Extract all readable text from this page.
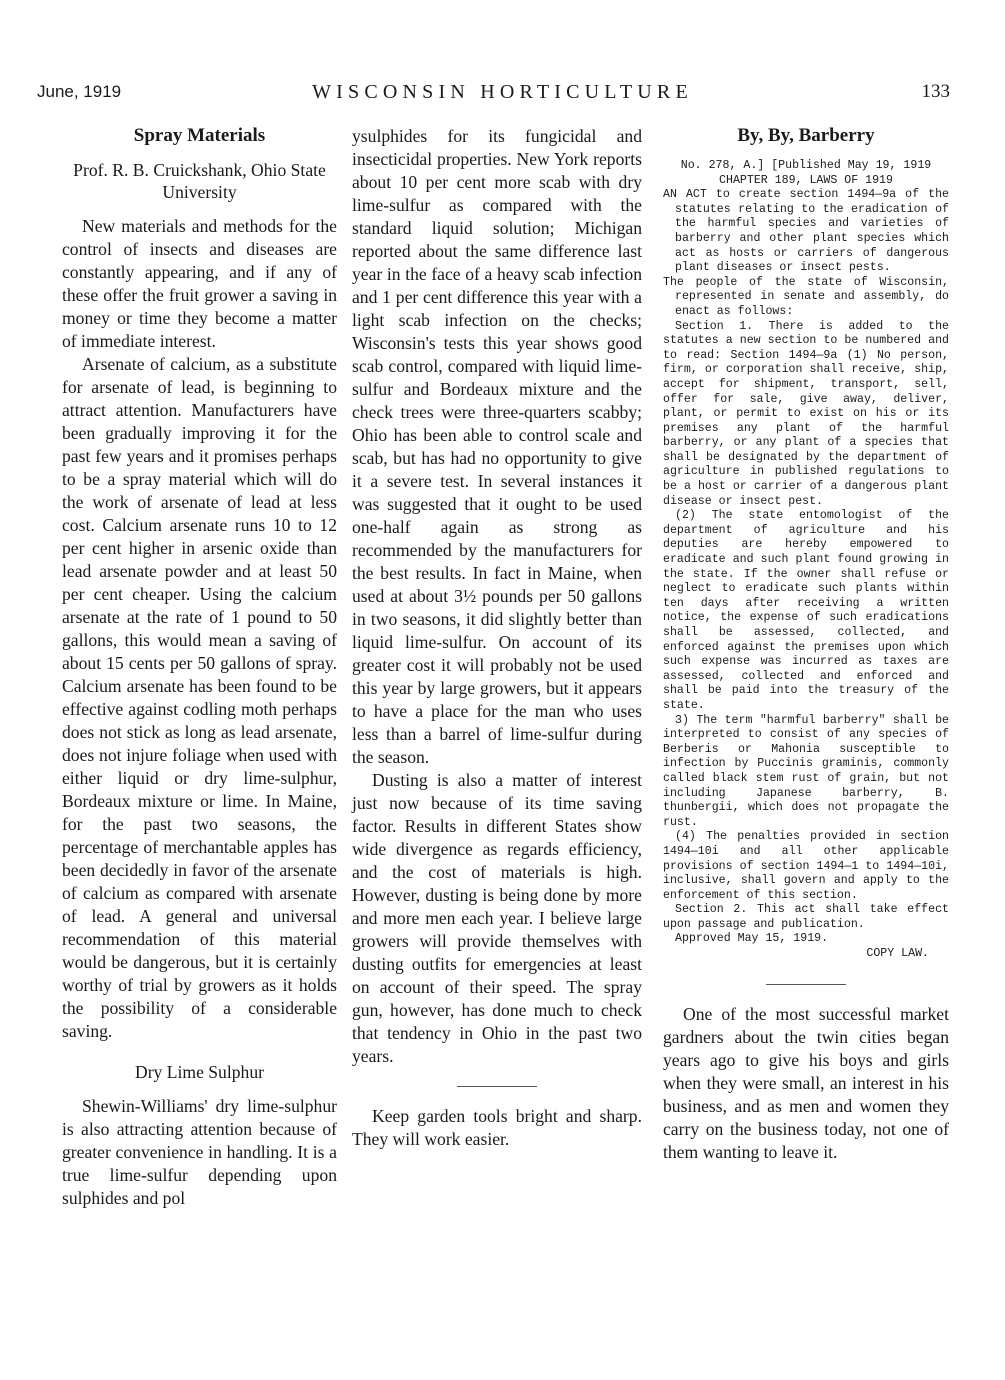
June, 1919	WISCONSIN HORTICULTURE	133
Spray Materials
Prof. R. B. Cruickshank, Ohio State University

New materials and methods for the control of insects and diseases are constantly appearing, and if any of these offer the fruit grower a saving in money or time they become a matter of immediate interest.

Arsenate of calcium, as a substitute for arsenate of lead, is beginning to attract attention. Manufacturers have been gradually improving it for the past few years and it promises perhaps to be a spray material which will do the work of arsenate of lead at less cost. Calcium arsenate runs 10 to 12 per cent higher in arsenic oxide than lead arsenate powder and at least 50 per cent cheaper. Using the calcium arsenate at the rate of 1 pound to 50 gallons, this would mean a saving of about 15 cents per 50 gallons of spray. Calcium arsenate has been found to be effective against codling moth perhaps does not stick as long as lead arsenate, does not injure foliage when used with either liquid or dry lime-sulphur, Bordeaux mixture or lime. In Maine, for the past two seasons, the percentage of merchantable apples has been decidedly in favor of the arsenate of calcium as compared with arsenate of lead. A general and universal recommendation of this material would be dangerous, but it is certainly worthy of trial by growers as it holds the possibility of a considerable saving.

Dry Lime Sulphur

Shewin-Williams' dry lime-sulphur is also attracting attention because of greater convenience in handling. It is a true lime-sulfur depending upon sulphides and pol

ysulphides for its fungicidal and insecticidal properties. New York reports about 10 per cent more scab with dry lime-sulfur as compared with the standard liquid solution; Michigan reported about the same difference last year in the face of a heavy scab infection and 1 per cent difference this year with a light scab infection on the checks; Wisconsin's tests this year shows good scab control, compared with liquid lime-sulfur and Bordeaux mixture and the check trees were three-quarters scabby; Ohio has been able to control scale and scab, but has had no opportunity to give it a severe test. In several instances it was suggested that it ought to be used one-half again as strong as recommended by the manufacturers for the best results. In fact in Maine, when used at about 3½ pounds per 50 gallons in two seasons, it did slightly better than liquid lime-sulfur. On account of its greater cost it will probably not be used this year by large growers, but it appears to have a place for the man who uses less than a barrel of lime-sulfur during the season.

Dusting is also a matter of interest just now because of its time saving factor. Results in different States show wide divergence as regards efficiency, and the cost of materials is high. However, dusting is being done by more and more men each year. I believe large growers will provide themselves with dusting outfits for emergencies at least on account of their speed. The spray gun, however, has done much to check that tendency in Ohio in the past two years.

Keep garden tools bright and sharp. They will work easier.

By, By, Barberry

No. 278, A.] [Published May 19, 1919

CHAPTER 189, LAWS OF 1919

AN ACT to create section 1494—9a of the statutes relating to the eradication of the harmful species and varieties of barberry and other plant species which act as hosts or carriers of dangerous plant diseases or insect pests.

The people of the state of Wisconsin, represented in senate and assembly, do enact as follows:

Section 1. There is added to the statutes a new section to be numbered and to read: Section 1494—9a (1) No person, firm, or corporation shall receive, ship, accept for shipment, transport, sell, offer for sale, give away, deliver, plant, or permit to exist on his or its premises any plant of the harmful barberry, or any plant of a species that shall be designated by the department of agriculture in published regulations to be a host or carrier of a dangerous plant disease or insect pest.

(2) The state entomologist of the department of agriculture and his deputies are hereby empowered to eradicate and such plant found growing in the state. If the owner shall refuse or neglect to eradicate such plants within ten days after receiving a written notice, the expense of such eradications shall be assessed, collected, and enforced against the premises upon which such expense was incurred as taxes are assessed, collected and enforced and shall be paid into the treasury of the state.

3) The term "harmful barberry" shall be interpreted to consist of any species of Berberis or Mahonia susceptible to infection by Puccinis graminis, commonly called black stem rust of grain, but not including Japanese barberry, B. thunbergii, which does not propagate the rust.

(4) The penalties provided in section 1494—10i and all other applicable provisions of section 1494—1 to 1494—10i, inclusive, shall govern and apply to the enforcement of this section.

Section 2. This act shall take effect upon passage and publication.

Approved May 15, 1919.

COPY LAW.

One of the most successful market gardners about the twin cities began years ago to give his boys and girls when they were small, an interest in his business, and as men and women they carry on the business today, not one of them wanting to leave it.
